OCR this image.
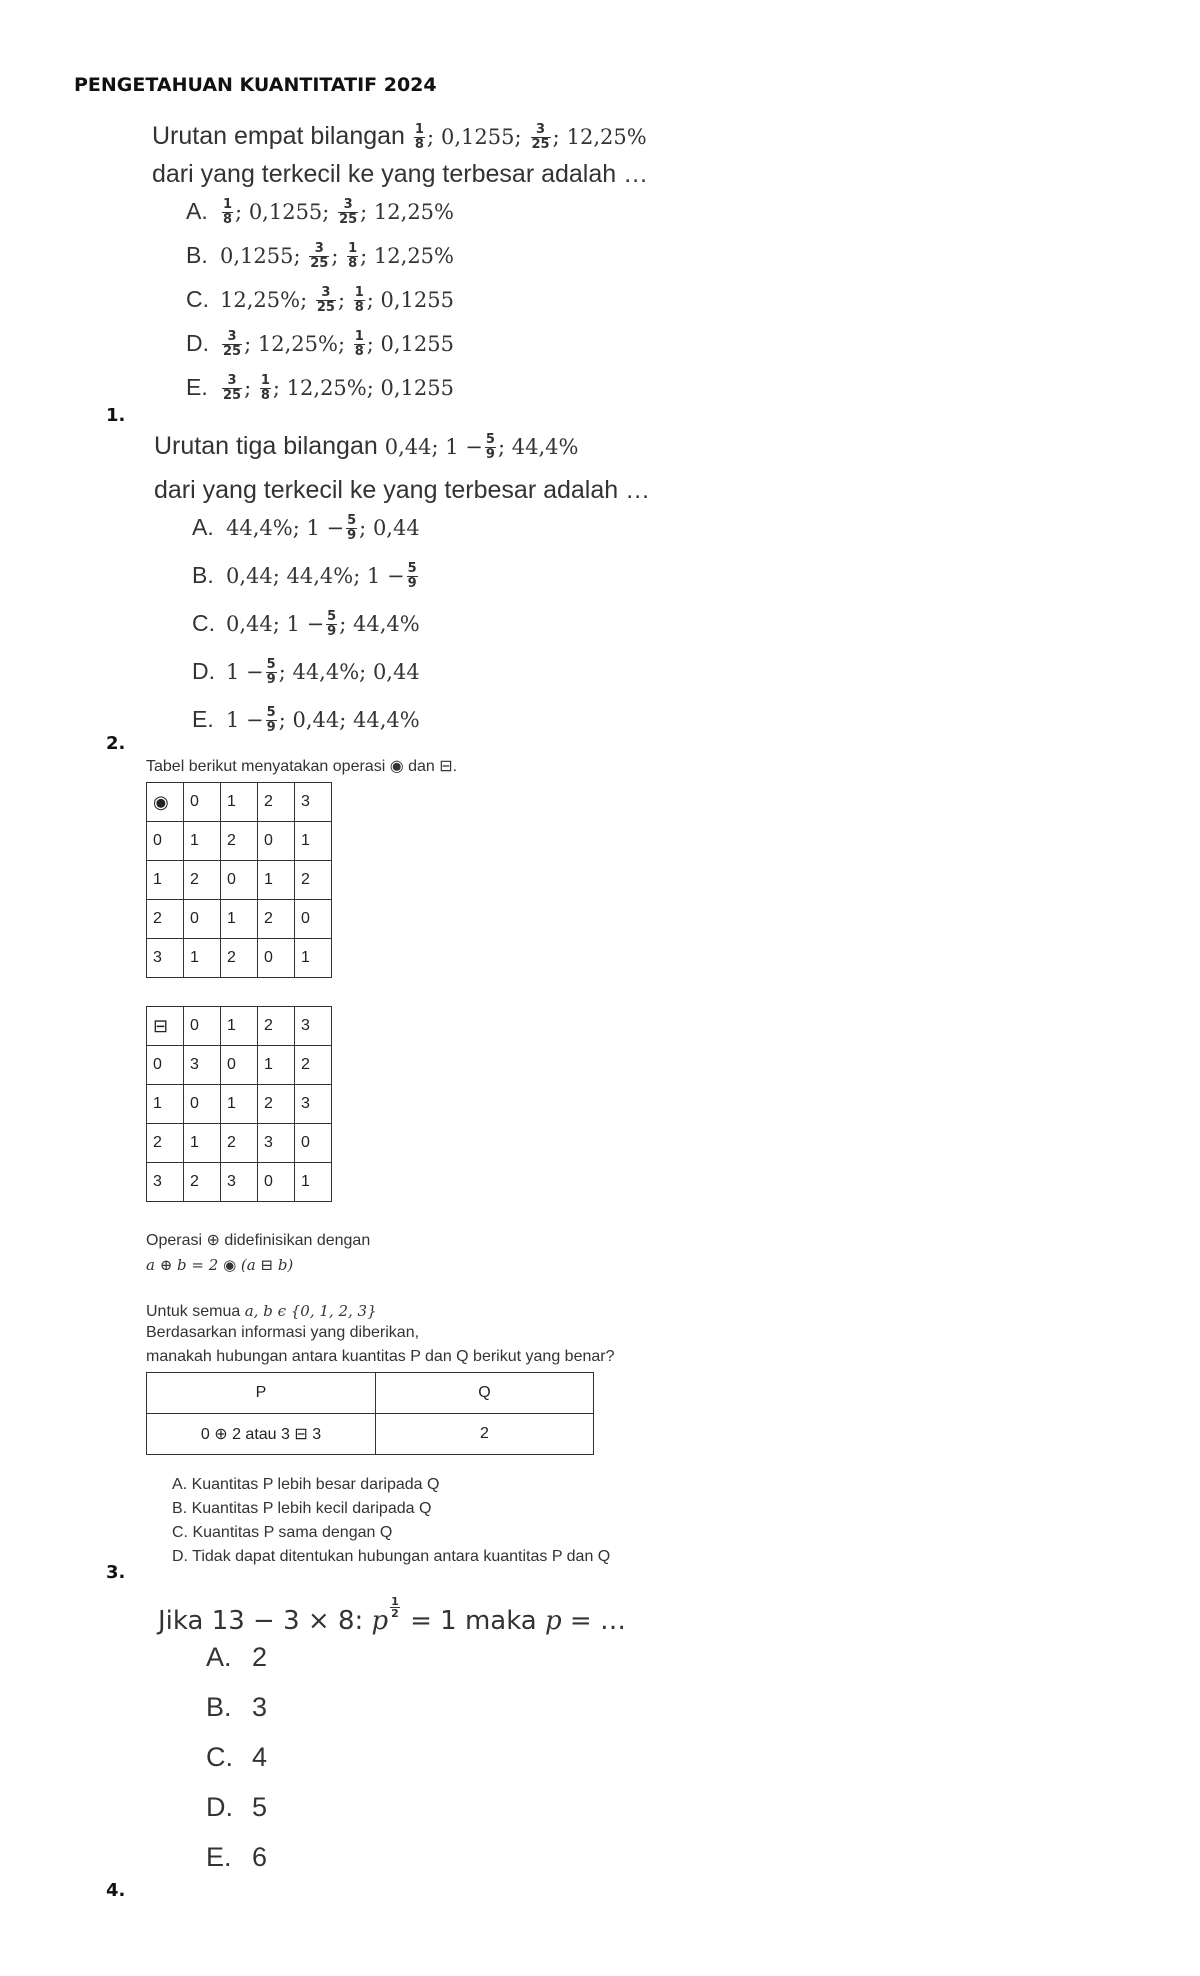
PENGETAHUAN KUANTITATIF 2024
Urutan empat bilangan $\frac{1}{8}$ ; 0,1255; $\frac{3}{25}$ ; 12,25%
dari yang terkecil ke yang terbesar adalah …
A. $\frac{1}{8}$ ; 0,1255; $\frac{3}{25}$ ; 12,25%
B. 0,1255; $\frac{3}{25}$ ; $\frac{1}{8}$ ; 12,25%
C. 12,25%; $\frac{3}{25}$ ; $\frac{1}{8}$ ; 0,1255
D. $\frac{3}{25}$ ; 12,25%; $\frac{1}{8}$ ; 0,1255
E. $\frac{3}{25}$ ; $\frac{1}{8}$ ; 12,25%; 0,1255
1.
Urutan tiga bilangan 0,44; $1 - \frac{5}{9}$ ; 44,4%
dari yang terkecil ke yang terbesar adalah …
A. 44,4%; $1 - \frac{5}{9}$ ; 0,44
B. 0,44; 44,4%; $1 - \frac{5}{9}$
C. 0,44; $1 - \frac{5}{9}$ ; 44,4%
D. $1 - \frac{5}{9}$ ; 44,4%; 0,44
E. $1 - \frac{5}{9}$ ; 0,44; 44,4%
2.
Tabel berikut menyatakan operasi ◉ dan ⊟.
◉	0	1	2	3
0	1	2	0	1
1	2	0	1	2
2	0	1	2	0
3	1	2	0	1
⊟	0	1	2	3
0	3	0	1	2
1	0	1	2	3
2	1	2	3	0
3	2	3	0	1
Operasi ⊕ didefinisikan dengan
a ⊕ b = 2 ◉ (a ⊟ b)
Untuk semua a, b ϵ {0, 1, 2, 3}
Berdasarkan informasi yang diberikan,
manakah hubungan antara kuantitas P dan Q berikut yang benar?
P	Q
0 ⊕ 2 atau 3 ⊟ 3	2
A. Kuantitas P lebih besar daripada Q
B. Kuantitas P lebih kecil daripada Q
C. Kuantitas P sama dengan Q
D. Tidak dapat ditentukan hubungan antara kuantitas P dan Q
3.
Jika 13 − 3 × 8: p $\frac{1}{2} = 1$ maka p = …
A. 2
B. 3
C. 4
D. 5
E. 6
4.
